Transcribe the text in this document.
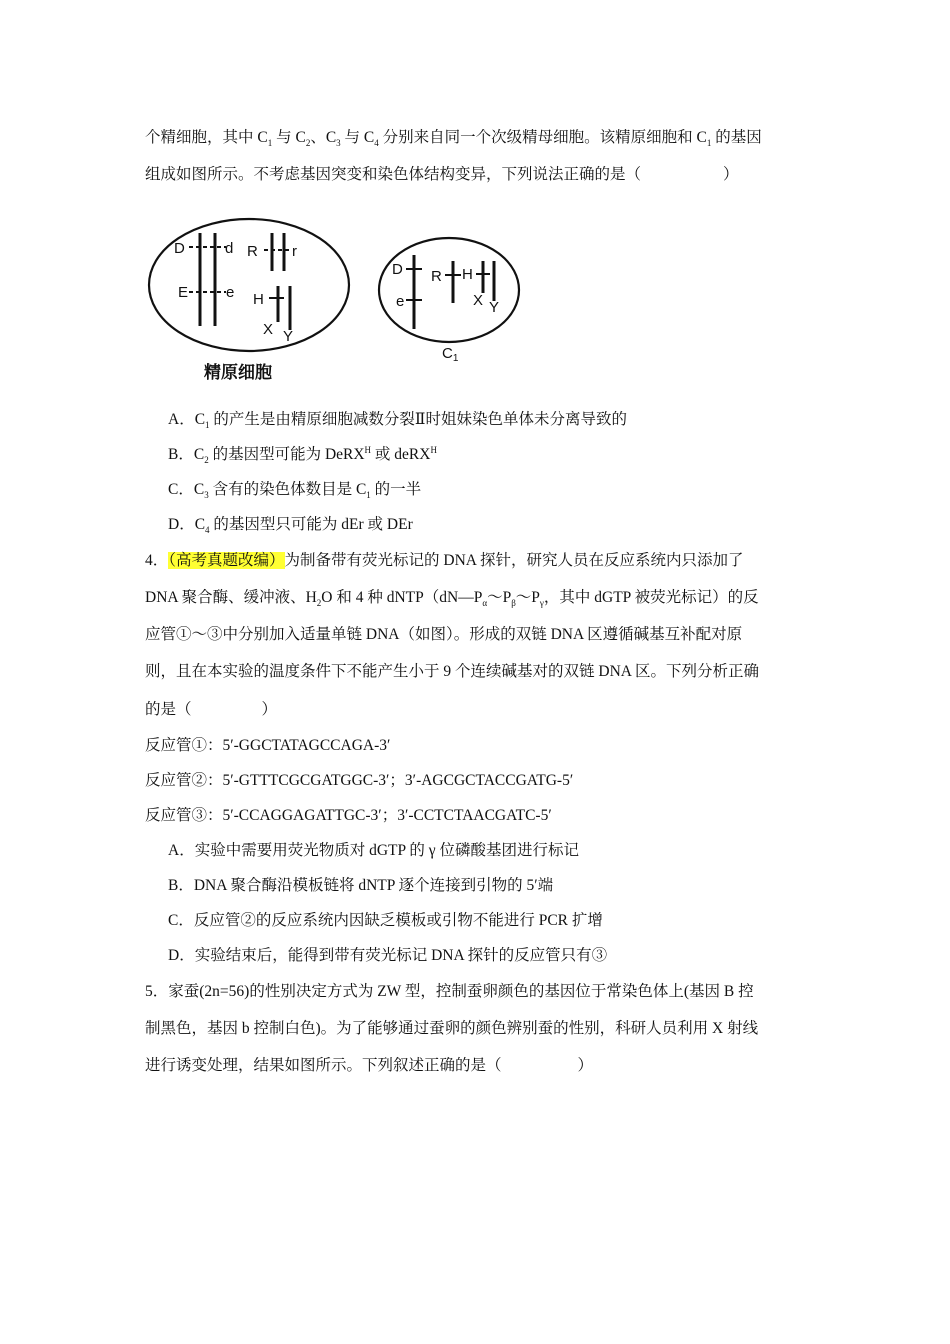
个精细胞，其中 $C_1$ 与 $C_2$、$C_3$ 与 $C_4$ 分别来自同一个次级精母细胞。该精原细胞和 $C_1$ 的基因
组成如图所示。不考虑基因突变和染色体结构变异，下列说法正确的是（	）
D	d
E	e
R r
H
X Y
精原细胞
D
e
R H
X Y
$C_1$
A．$C_1$ 的产生是由精原细胞减数分裂Ⅱ时姐妹染色单体未分离导致的
B．$C_2$ 的基因型可能为 DeRX$^H$ 或 deRX$^H$
C．$C_3$ 含有的染色体数目是 $C_1$ 的一半
D．$C_4$ 的基因型只可能为 dEr 或 DEr
4．（高考真题改编）为制备带有荧光标记的 DNA 探针，研究人员在反应系统内只添加了
DNA 聚合酶、缓冲液、$H_2O$ 和 4 种 $dNTP(dN—P_\alpha\sim P_\beta\sim P_\gamma$，其中 dGTP 被荧光标记）的反
应管①～③中分别加入适量单链 DNA（如图）。形成的双链 DNA 区遵循碱基互补配对原
则，且在本实验的温度条件下不能产生小于 9 个连续碱基对的双链 DNA 区。下列分析正确
的是（	）
反应管①：5′-GGCTATAGCCAGA-3′
反应管②：5′-GTTTCGCGATGGC-3′；3′-AGCGCTACCGATG-5′
反应管③：5′-CCAGGAGATTGC-3′；3′-CCTCTAACGATC-5′
A．实验中需要用荧光物质对 dGTP 的 γ 位磷酸基团进行标记
B．DNA 聚合酶沿模板链将 dNTP 逐个连接到引物的 5′端
C．反应管②的反应系统内因缺乏模板或引物不能进行 PCR 扩增
D．实验结束后，能得到带有荧光标记 DNA 探针的反应管只有③
5．家蚕(2n=56)的性别决定方式为 ZW 型，控制蚕卵颜色的基因位于常染色体上(基因 B 控
制黑色，基因 b 控制白色)。为了能够通过蚕卵的颜色辨别蚕的性别，科研人员利用 X 射线
进行诱变处理，结果如图所示。下列叙述正确的是（	）
